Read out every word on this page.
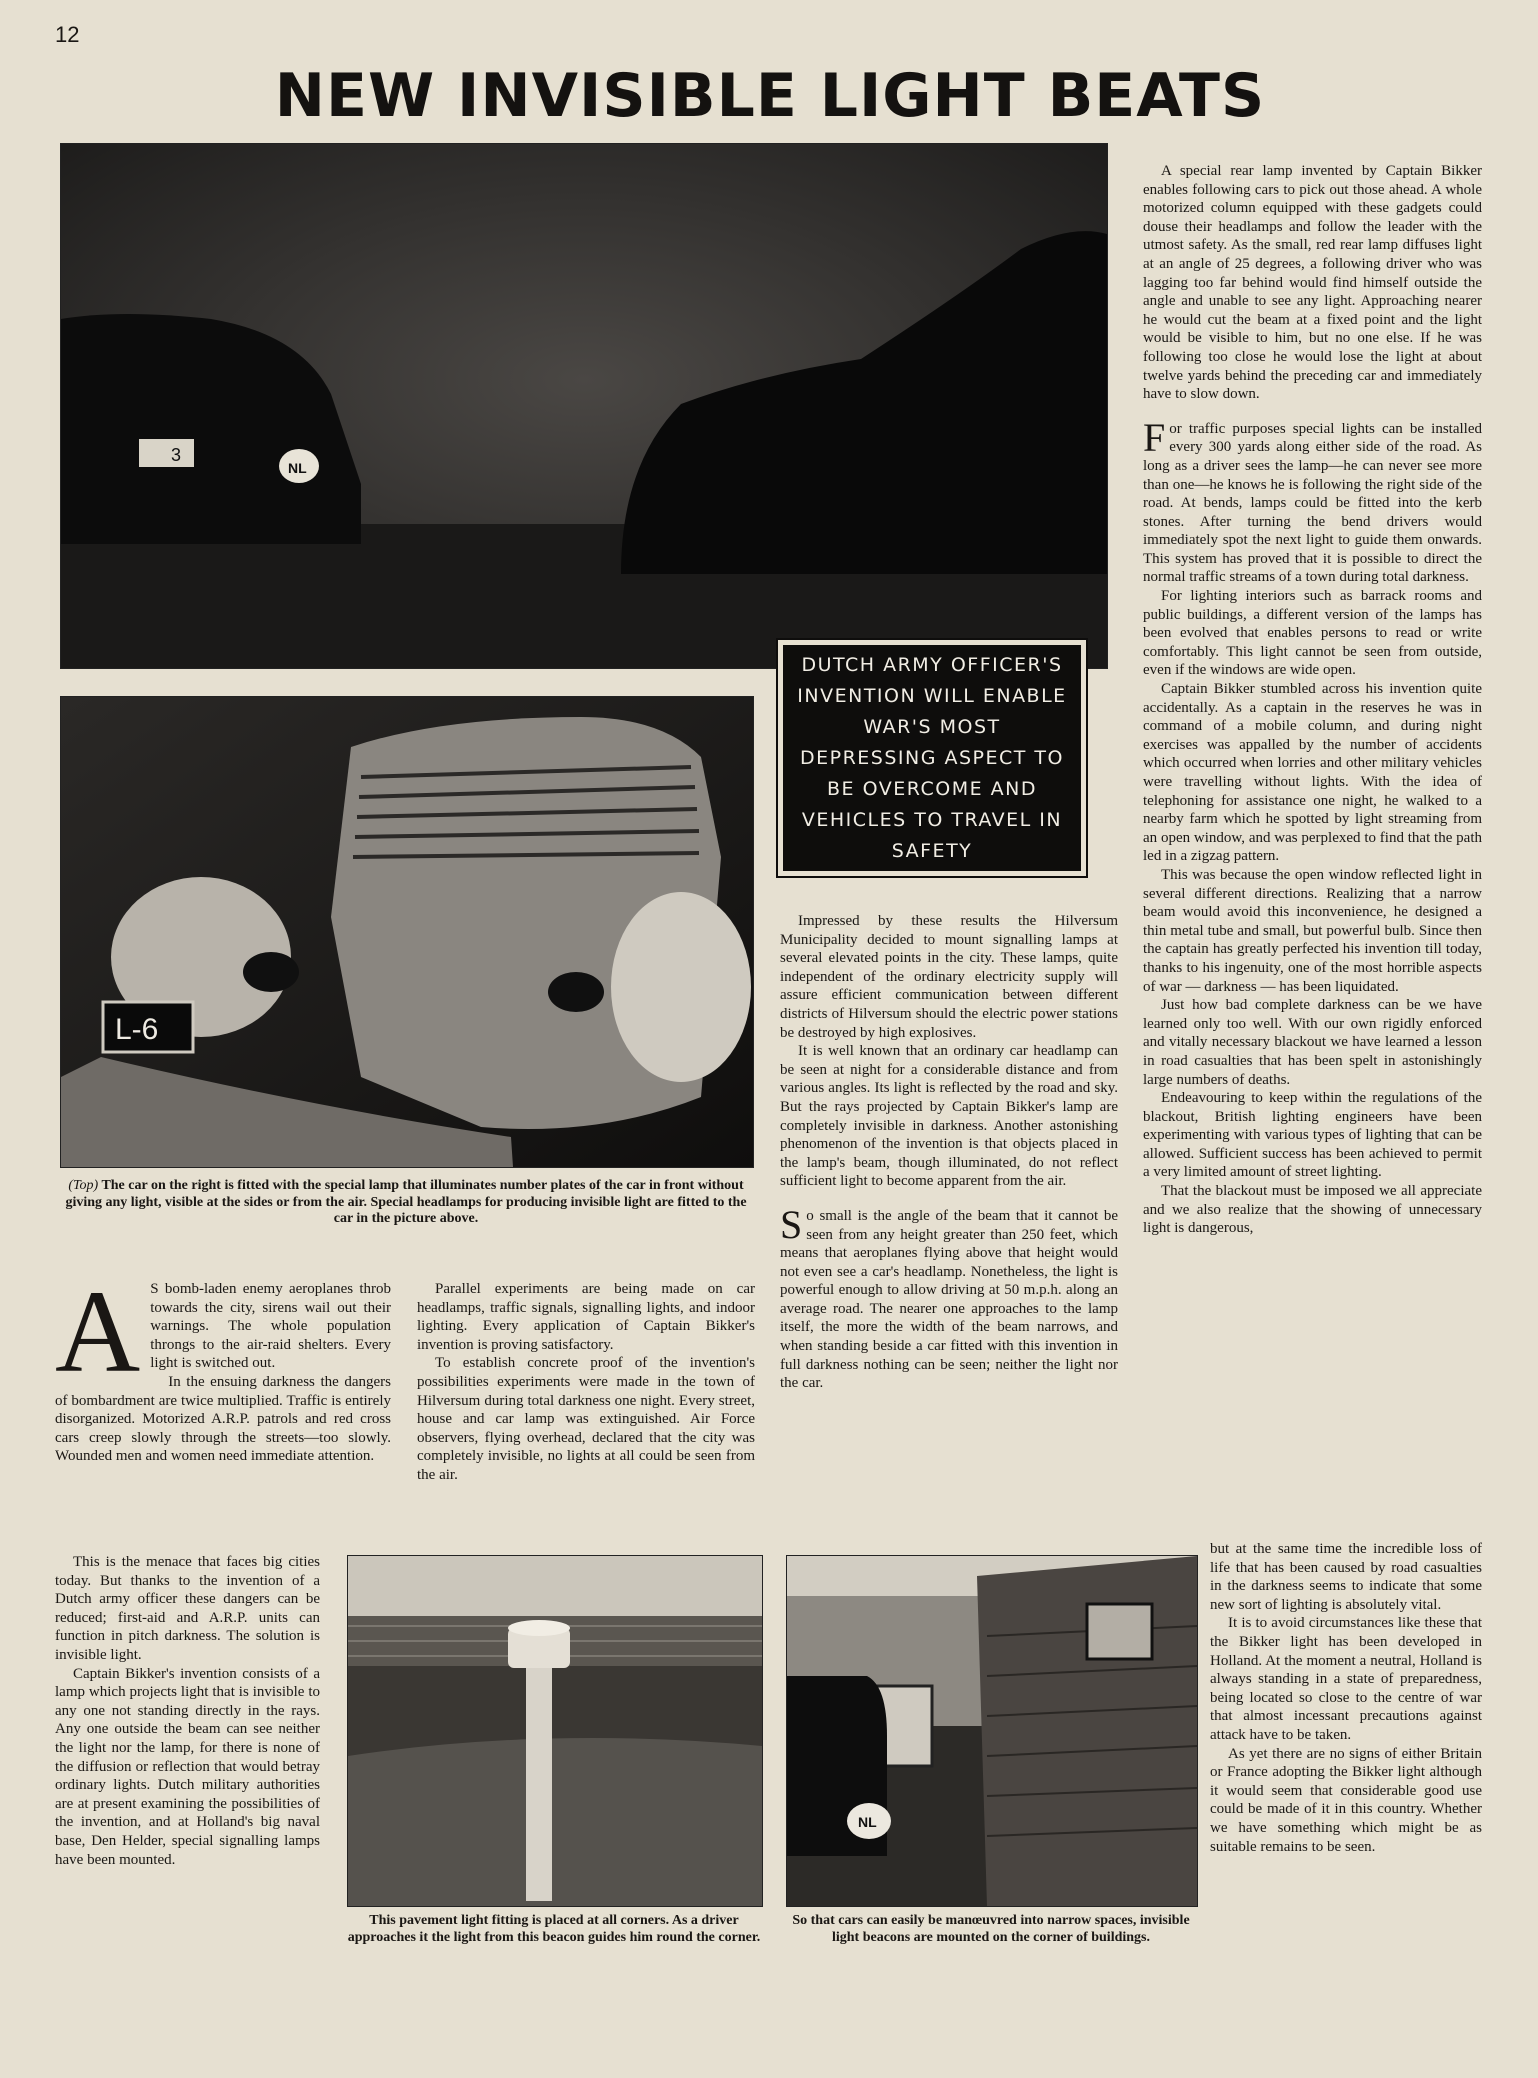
12
NEW INVISIBLE LIGHT BEATS
3
NL
L-6
DUTCH ARMY OFFICER'S INVENTION WILL ENABLE WAR'S MOST DEPRESSING ASPECT TO BE OVERCOME AND VEHICLES TO TRAVEL IN SAFETY
(Top) The car on the right is fitted with the special lamp that illuminates number plates of the car in front without giving any light, visible at the sides or from the air. Special headlamps for producing invisible light are fitted to the car in the picture above.

A S bomb-laden enemy aeroplanes throb towards the city, sirens wail out their warnings. The whole population throngs to the air-raid shelters. Every light is switched out.

In the ensuing darkness the dangers of bombardment are twice multiplied. Traffic is entirely disorganized. Motorized A.R.P. patrols and red cross cars creep slowly through the streets—too slowly. Wounded men and women need immediate attention.

This is the menace that faces big cities today. But thanks to the invention of a Dutch army officer these dangers can be reduced; first-aid and A.R.P. units can function in pitch darkness. The solution is invisible light.

Captain Bikker's invention consists of a lamp which projects light that is invisible to any one not standing directly in the rays. Any one outside the beam can see neither the light nor the lamp, for there is none of the diffusion or reflection that would betray ordinary lights. Dutch military authorities are at present examining the possibilities of the invention, and at Holland's big naval base, Den Helder, special signalling lamps have been mounted.

Parallel experiments are being made on car headlamps, traffic signals, signalling lights, and indoor lighting. Every application of Captain Bikker's invention is proving satisfactory.

To establish concrete proof of the invention's possibilities experiments were made in the town of Hilversum during total darkness one night. Every street, house and car lamp was extinguished. Air Force observers, flying overhead, declared that the city was completely invisible, no lights at all could be seen from the air.

Impressed by these results the Hilversum Municipality decided to mount signalling lamps at several elevated points in the city. These lamps, quite independent of the ordinary electricity supply will assure efficient communication between different districts of Hilversum should the electric power stations be destroyed by high explosives.

It is well known that an ordinary car headlamp can be seen at night for a considerable distance and from various angles. Its light is reflected by the road and sky. But the rays projected by Captain Bikker's lamp are completely invisible in darkness. Another astonishing phenomenon of the invention is that objects placed in the lamp's beam, though illuminated, do not reflect sufficient light to become apparent from the air.

So small is the angle of the beam that it cannot be seen from any height greater than 250 feet, which means that aeroplanes flying above that height would not even see a car's headlamp. Nonetheless, the light is powerful enough to allow driving at 50 m.p.h. along an average road. The nearer one approaches to the lamp itself, the more the width of the beam narrows, and when standing beside a car fitted with this invention in full darkness nothing can be seen; neither the light nor the car.

A special rear lamp invented by Captain Bikker enables following cars to pick out those ahead. A whole motorized column equipped with these gadgets could douse their headlamps and follow the leader with the utmost safety. As the small, red rear lamp diffuses light at an angle of 25 degrees, a following driver who was lagging too far behind would find himself outside the angle and unable to see any light. Approaching nearer he would cut the beam at a fixed point and the light would be visible to him, but no one else. If he was following too close he would lose the light at about twelve yards behind the preceding car and immediately have to slow down.

For traffic purposes special lights can be installed every 300 yards along either side of the road. As long as a driver sees the lamp—he can never see more than one—he knows he is following the right side of the road. At bends, lamps could be fitted into the kerb stones. After turning the bend drivers would immediately spot the next light to guide them onwards. This system has proved that it is possible to direct the normal traffic streams of a town during total darkness.

For lighting interiors such as barrack rooms and public buildings, a different version of the lamps has been evolved that enables persons to read or write comfortably. This light cannot be seen from outside, even if the windows are wide open.

Captain Bikker stumbled across his invention quite accidentally. As a captain in the reserves he was in command of a mobile column, and during night exercises was appalled by the number of accidents which occurred when lorries and other military vehicles were travelling without lights. With the idea of telephoning for assistance one night, he walked to a nearby farm which he spotted by light streaming from an open window, and was perplexed to find that the path led in a zigzag pattern.

This was because the open window reflected light in several different directions. Realizing that a narrow beam would avoid this inconvenience, he designed a thin metal tube and small, but powerful bulb. Since then the captain has greatly perfected his invention till today, thanks to his ingenuity, one of the most horrible aspects of war — darkness — has been liquidated.

Just how bad complete darkness can be we have learned only too well. With our own rigidly enforced and vitally necessary blackout we have learned a lesson in road casualties that has been spelt in astonishingly large numbers of deaths.

Endeavouring to keep within the regulations of the blackout, British lighting engineers have been experimenting with various types of lighting that can be allowed. Sufficient success has been achieved to permit a very limited amount of street lighting.

That the blackout must be imposed we all appreciate and we also realize that the showing of unnecessary light is dangerous,

but at the same time the incredible loss of life that has been caused by road casualties in the darkness seems to indicate that some new sort of lighting is absolutely vital.

It is to avoid circumstances like these that the Bikker light has been developed in Holland. At the moment a neutral, Holland is always standing in a state of preparedness, being located so close to the centre of war that almost incessant precautions against attack have to be taken.

As yet there are no signs of either Britain or France adopting the Bikker light although it would seem that considerable good use could be made of it in this country. Whether we have something which might be as suitable remains to be seen.

This pavement light fitting is placed at all corners. As a driver approaches it the light from this beacon guides him round the corner.
NL
So that cars can easily be manœuvred into narrow spaces, invisible light beacons are mounted on the corner of buildings.
